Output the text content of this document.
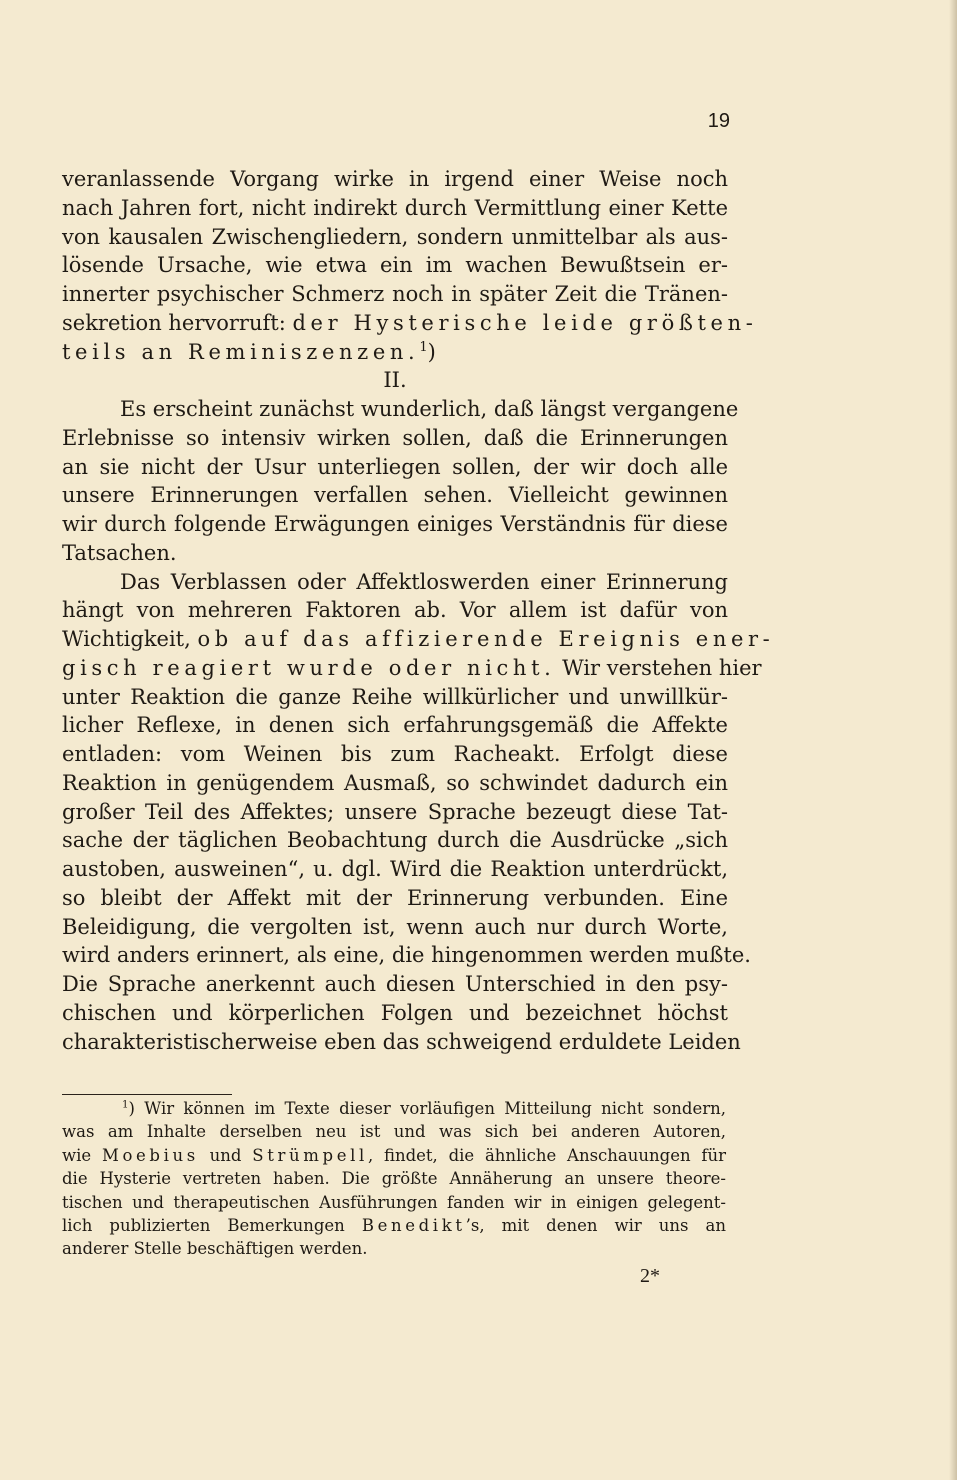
19
veranlassende Vorgang wirke in irgend einer Weise noch
nach Jahren fort, nicht indirekt durch Vermittlung einer Kette
von kausalen Zwischengliedern, sondern unmittelbar als aus-
lösende Ursache, wie etwa ein im wachen Bewußtsein er-
innerter psychischer Schmerz noch in später Zeit die Tränen-
sekretion hervorruft: der Hysterische leide größten-
teils an Reminiszenzen.$^1$)
II.
Es erscheint zunächst wunderlich, daß längst vergangene
Erlebnisse so intensiv wirken sollen, daß die Erinnerungen
an sie nicht der Usur unterliegen sollen, der wir doch alle
unsere Erinnerungen verfallen sehen. Vielleicht gewinnen
wir durch folgende Erwägungen einiges Verständnis für diese
Tatsachen.
Das Verblassen oder Affektloswerden einer Erinnerung
hängt von mehreren Faktoren ab. Vor allem ist dafür von
Wichtigkeit, ob auf das affizierende Ereignis ener-
gisch reagiert wurde oder nicht. Wir verstehen hier
unter Reaktion die ganze Reihe willkürlicher und unwillkür-
licher Reflexe, in denen sich erfahrungsgemäß die Affekte
entladen: vom Weinen bis zum Racheakt. Erfolgt diese
Reaktion in genügendem Ausmaß, so schwindet dadurch ein
großer Teil des Affektes; unsere Sprache bezeugt diese Tat-
sache der täglichen Beobachtung durch die Ausdrücke „sich
austoben, ausweinen“, u. dgl. Wird die Reaktion unterdrückt,
so bleibt der Affekt mit der Erinnerung verbunden. Eine
Beleidigung, die vergolten ist, wenn auch nur durch Worte,
wird anders erinnert, als eine, die hingenommen werden mußte.
Die Sprache anerkennt auch diesen Unterschied in den psy-
chischen und körperlichen Folgen und bezeichnet höchst
charakteristischerweise eben das schweigend erduldete Leiden
$^1$) Wir können im Texte dieser vorläufigen Mitteilung nicht sondern,
was am Inhalte derselben neu ist und was sich bei anderen Autoren,
wie Moebius und Strümpell, findet, die ähnliche Anschauungen für
die Hysterie vertreten haben. Die größte Annäherung an unsere theore-
tischen und therapeutischen Ausführungen fanden wir in einigen gelegent-
lich publizierten Bemerkungen Benedikt’s, mit denen wir uns an
anderer Stelle beschäftigen werden.
2*
